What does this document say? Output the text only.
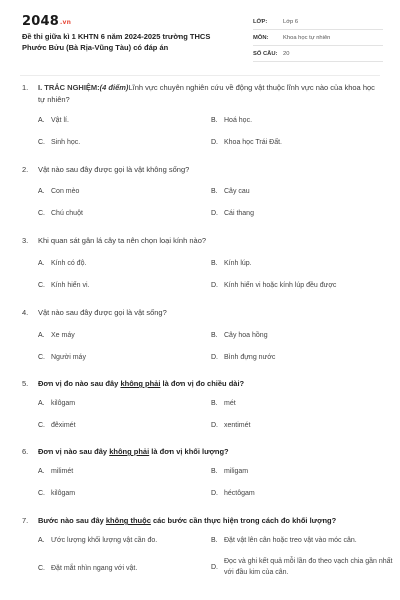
2048.vn
Đề thi giữa kì 1 KHTN 6 năm 2024-2025 trường THCS Phước Bửu (Bà Rịa-Vũng Tàu) có đáp án
LỚP:	Lớp 6
MÔN:	Khoa học tự nhiên
SỐ CÂU: 20
1.	I. TRẮC NGHIỆM:(4 điểm)Lĩnh vực chuyên nghiên cứu về động vật thuộc lĩnh vực nào của khoa học tự nhiên?
A. Vật lí.	B. Hoá học.
C. Sinh học.	D. Khoa học Trái Đất.
2.	Vật nào sau đây được gọi là vật không sống?
A. Con mèo	B. Cây cau
C. Chú chuột	D. Cái thang
3.	Khi quan sát gân lá cây ta nên chọn loại kính nào?
A. Kính có độ.	B. Kính lúp.
C. Kính hiển vi.	D. Kính hiển vi hoặc kính lúp đều được
4.	Vật nào sau đây được gọi là vật sống?
A. Xe máy	B. Cây hoa hồng
C. Người máy	D. Bình đựng nước
5.	Đơn vị đo nào sau đây không phải là đơn vị đo chiều dài?
A. kilôgam	B. mét
C. đêximét	D. xentimét
6.	Đơn vị nào sau đây không phải là đơn vị khối lượng?
A. milimét	B. miligam
C. kilôgam	D. héctôgam
7.	Bước nào sau đây không thuộc các bước cần thực hiện trong cách đo khối lượng?
A. Ước lượng khối lượng vật cần đo.	B. Đặt vật lên cân hoặc treo vật vào móc cân.
C. Đặt mắt nhìn ngang với vật.	D.
Đọc và ghi kết quả mỗi lần đo theo vạch chia gần nhất với đầu kim của cân.
